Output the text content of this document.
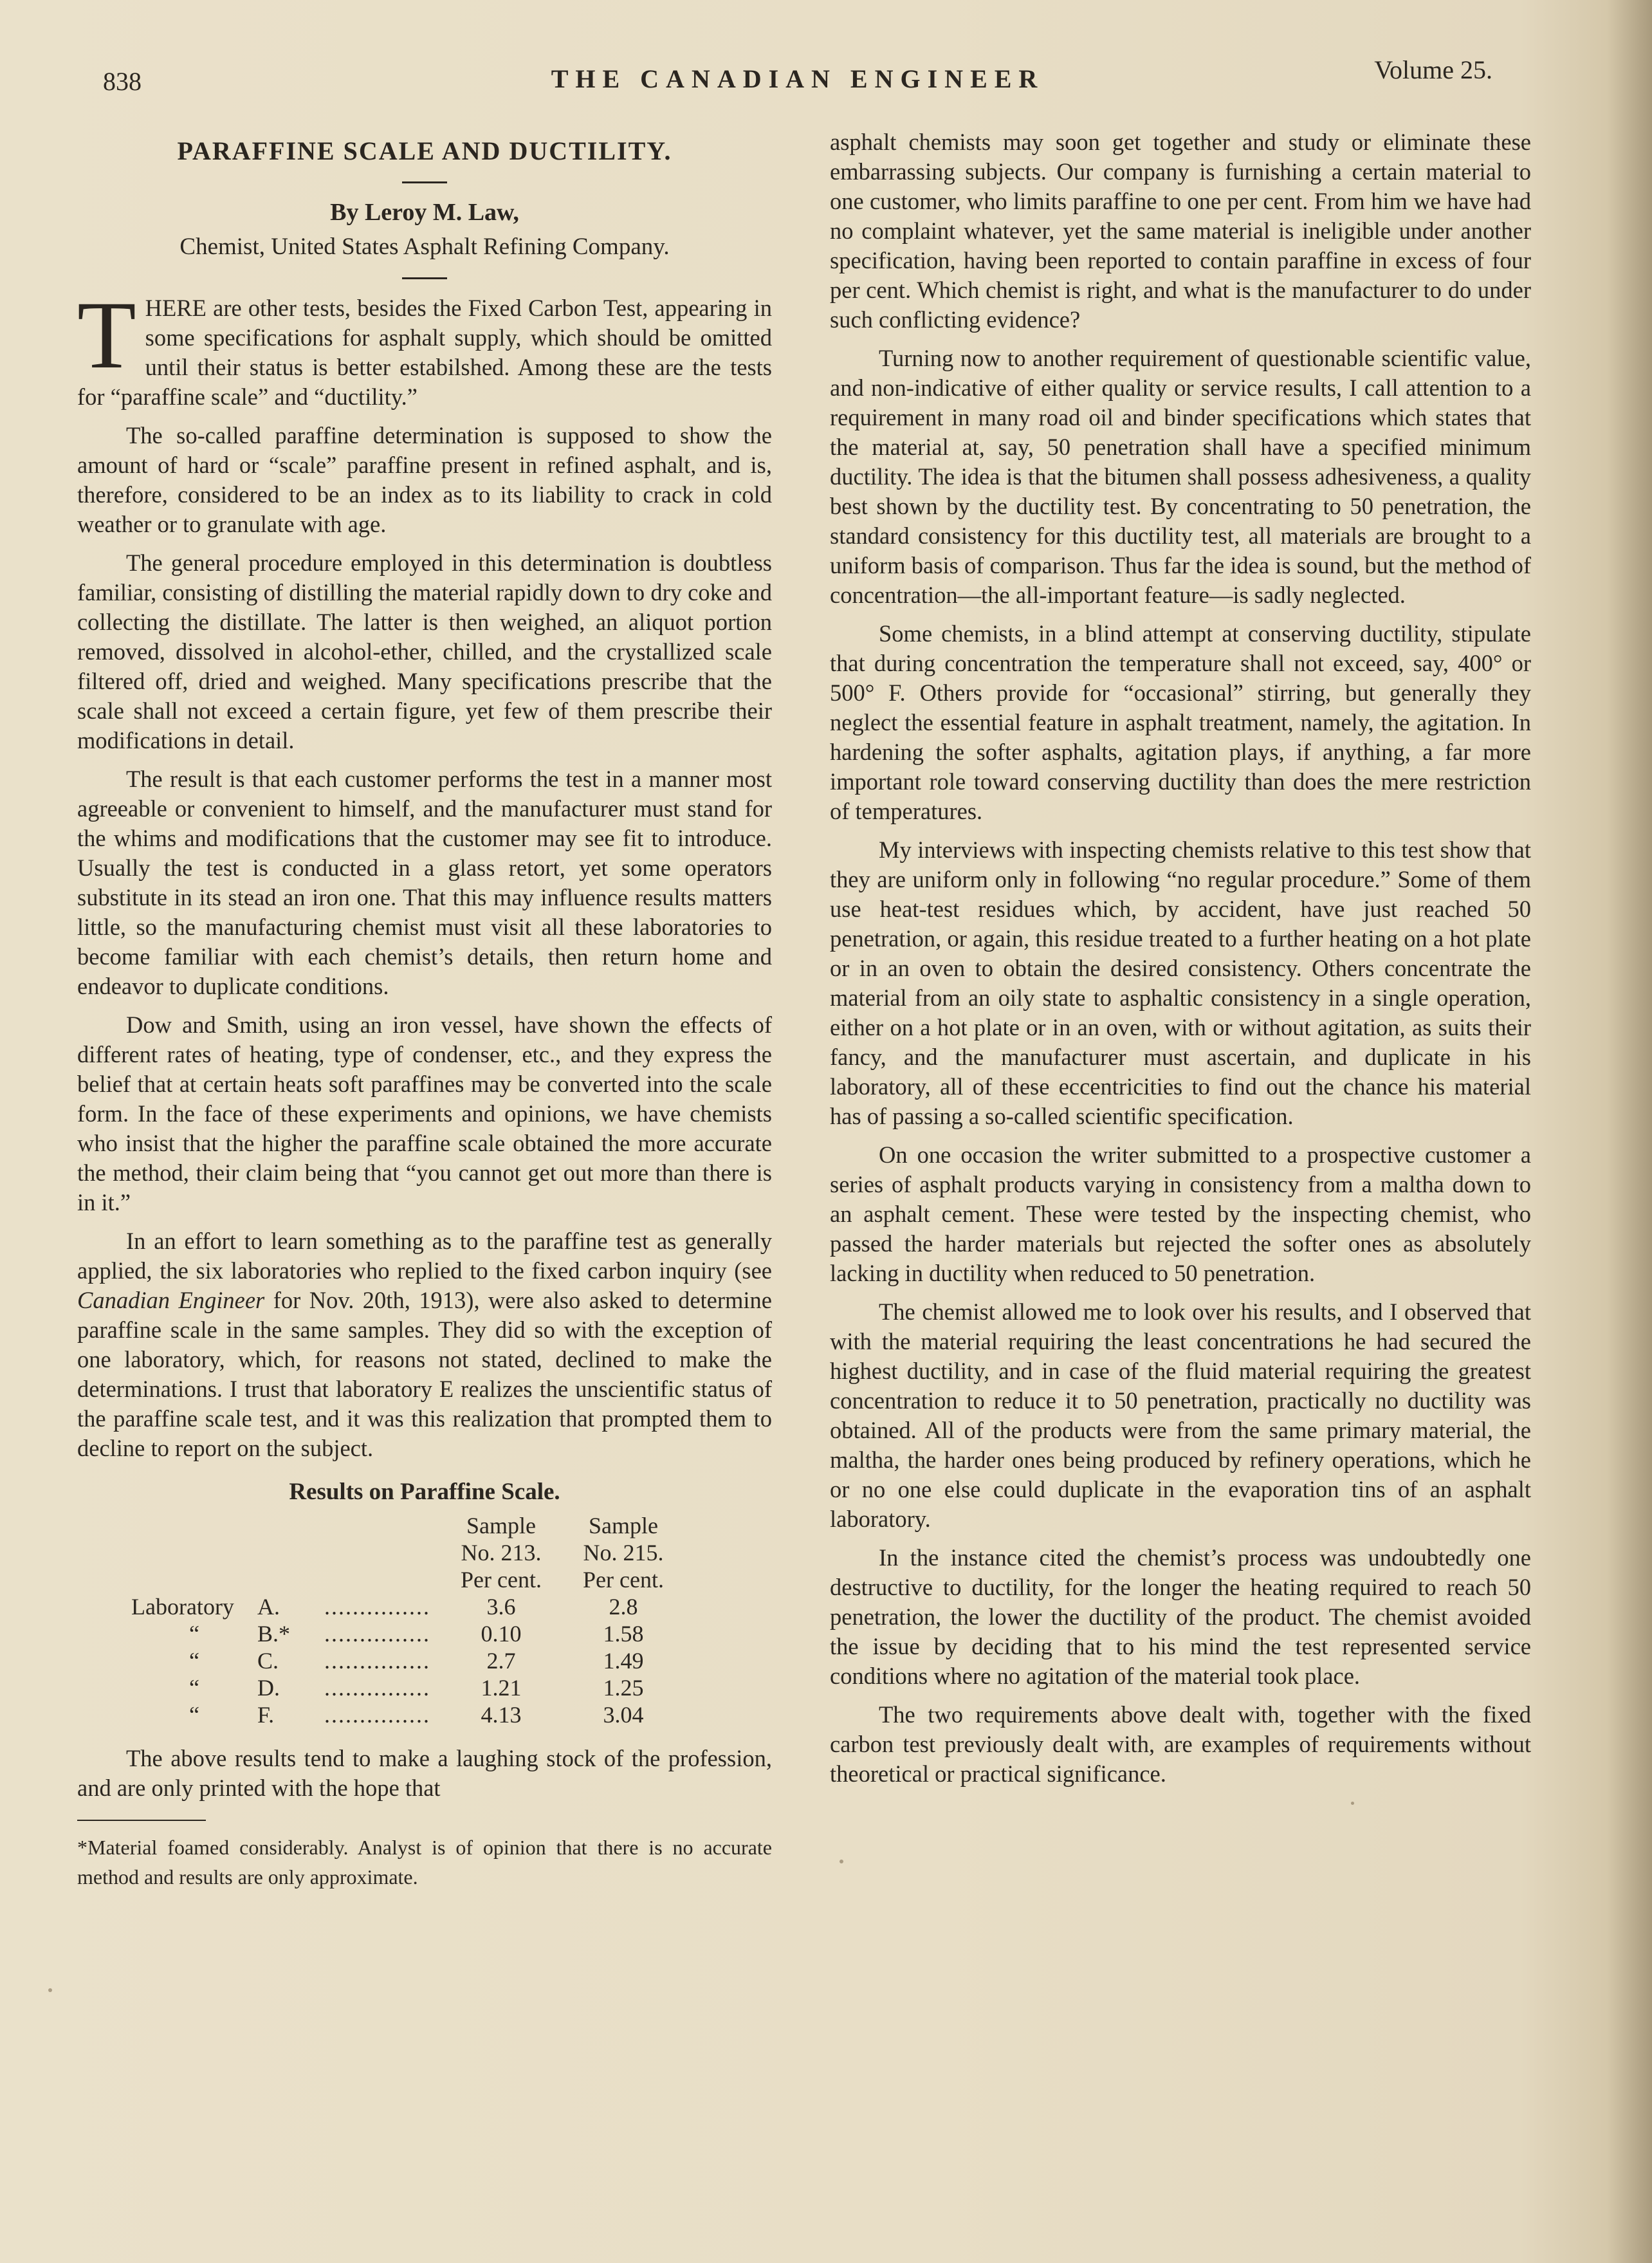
838	THE CANADIAN ENGINEER	Volume 25.
PARAFFINE SCALE AND DUCTILITY.
By Leroy M. Law,
Chemist, United States Asphalt Refining Company.

THERE are other tests, besides the Fixed Carbon Test, appearing in some specifications for asphalt supply, which should be omitted until their status is better estabilshed. Among these are the tests for “paraffine scale” and “ductility.”

The so-called paraffine determination is supposed to show the amount of hard or “scale” paraffine present in refined asphalt, and is, therefore, considered to be an index as to its liability to crack in cold weather or to granulate with age.

The general procedure employed in this determination is doubtless familiar, consisting of distilling the material rapidly down to dry coke and collecting the distillate. The latter is then weighed, an aliquot portion removed, dissolved in alcohol-ether, chilled, and the crystallized scale filtered off, dried and weighed. Many specifications prescribe that the scale shall not exceed a certain figure, yet few of them prescribe their modifications in detail.

The result is that each customer performs the test in a manner most agreeable or convenient to himself, and the manufacturer must stand for the whims and modifications that the customer may see fit to introduce. Usually the test is conducted in a glass retort, yet some operators substitute in its stead an iron one. That this may influence results matters little, so the manufacturing chemist must visit all these laboratories to become familiar with each chemist’s details, then return home and endeavor to duplicate conditions.

Dow and Smith, using an iron vessel, have shown the effects of different rates of heating, type of condenser, etc., and they express the belief that at certain heats soft paraffines may be converted into the scale form. In the face of these experiments and opinions, we have chemists who insist that the higher the paraffine scale obtained the more accurate the method, their claim being that “you cannot get out more than there is in it.”

In an effort to learn something as to the paraffine test as generally applied, the six laboratories who replied to the fixed carbon inquiry (see Canadian Engineer for Nov. 20th, 1913), were also asked to determine paraffine scale in the same samples. They did so with the exception of one laboratory, which, for reasons not stated, declined to make the determinations. I trust that laboratory E realizes the unscientific status of the paraffine scale test, and it was this realization that prompted them to decline to report on the subject.

Results on Paraffine Scale.
		Sample	Sample
		No. 213.	No. 215.
		Per cent.	Per cent.
Laboratory A.	...............	3.6	2.8
“ B.*	...............	0.10	1.58
“ C.	...............	2.7	1.49
“ D.	...............	1.21	1.25
“ F.	...............	4.13	3.04

The above results tend to make a laughing stock of the profession, and are only printed with the hope that

*Material foamed considerably. Analyst is of opinion that there is no accurate method and results are only approximate.

asphalt chemists may soon get together and study or eliminate these embarrassing subjects. Our company is furnishing a certain material to one customer, who limits paraffine to one per cent. From him we have had no complaint whatever, yet the same material is ineligible under another specification, having been reported to contain paraffine in excess of four per cent. Which chemist is right, and what is the manufacturer to do under such conflicting evidence?

Turning now to another requirement of questionable scientific value, and non-indicative of either quality or service results, I call attention to a requirement in many road oil and binder specifications which states that the material at, say, 50 penetration shall have a specified minimum ductility. The idea is that the bitumen shall possess adhesiveness, a quality best shown by the ductility test. By concentrating to 50 penetration, the standard consistency for this ductility test, all materials are brought to a uniform basis of comparison. Thus far the idea is sound, but the method of concentration—the all-important feature—is sadly neglected.

Some chemists, in a blind attempt at conserving ductility, stipulate that during concentration the temperature shall not exceed, say, 400° or 500° F. Others provide for “occasional” stirring, but generally they neglect the essential feature in asphalt treatment, namely, the agitation. In hardening the softer asphalts, agitation plays, if anything, a far more important role toward conserving ductility than does the mere restriction of temperatures.

My interviews with inspecting chemists relative to this test show that they are uniform only in following “no regular procedure.” Some of them use heat-test residues which, by accident, have just reached 50 penetration, or again, this residue treated to a further heating on a hot plate or in an oven to obtain the desired consistency. Others concentrate the material from an oily state to asphaltic consistency in a single operation, either on a hot plate or in an oven, with or without agitation, as suits their fancy, and the manufacturer must ascertain, and duplicate in his laboratory, all of these eccentricities to find out the chance his material has of passing a so-called scientific specification.

On one occasion the writer submitted to a prospective customer a series of asphalt products varying in consistency from a maltha down to an asphalt cement. These were tested by the inspecting chemist, who passed the harder materials but rejected the softer ones as absolutely lacking in ductility when reduced to 50 penetration.

The chemist allowed me to look over his results, and I observed that with the material requiring the least concentrations he had secured the highest ductility, and in case of the fluid material requiring the greatest concentration to reduce it to 50 penetration, practically no ductility was obtained. All of the products were from the same primary material, the maltha, the harder ones being produced by refinery operations, which he or no one else could duplicate in the evaporation tins of an asphalt laboratory.

In the instance cited the chemist’s process was undoubtedly one destructive to ductility, for the longer the heating required to reach 50 penetration, the lower the ductility of the product. The chemist avoided the issue by deciding that to his mind the test represented service conditions where no agitation of the material took place.

The two requirements above dealt with, together with the fixed carbon test previously dealt with, are examples of requirements without theoretical or practical significance.
